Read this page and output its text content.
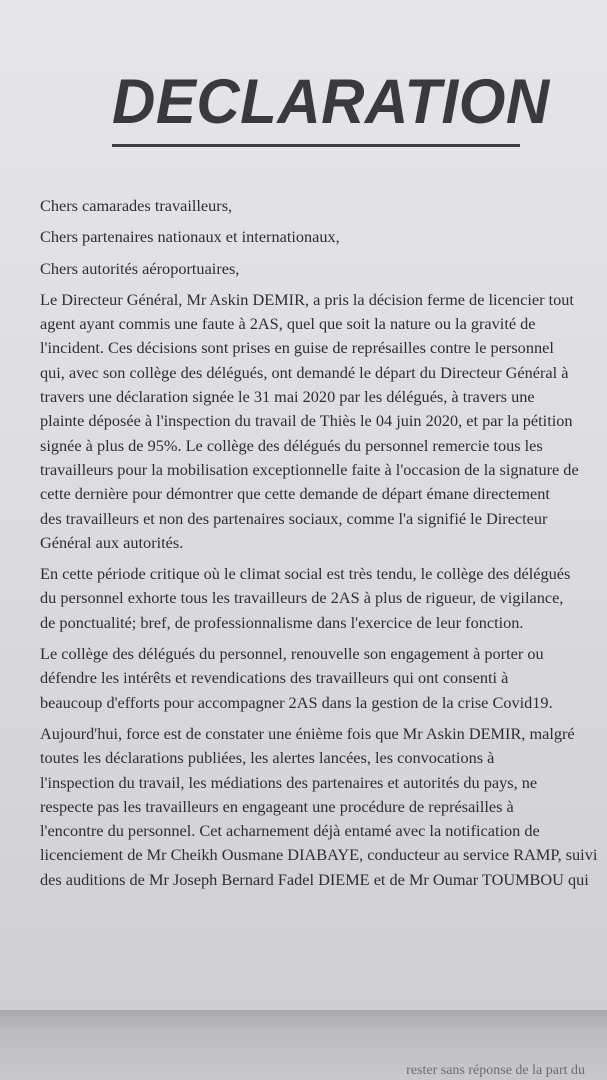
DECLARATION

Chers camarades travailleurs,

Chers partenaires nationaux et internationaux,

Chers autorités aéroportuaires,

Le Directeur Général, Mr Askin DEMIR, a pris la décision ferme de licencier tout
agent ayant commis une faute à 2AS, quel que soit la nature ou la gravité de
l'incident. Ces décisions sont prises en guise de représailles contre le personnel
qui, avec son collège des délégués, ont demandé le départ du Directeur Général à
travers une déclaration signée le 31 mai 2020 par les délégués, à travers une
plainte déposée à l'inspection du travail de Thiès le 04 juin 2020, et par la pétition
signée à plus de 95%. Le collège des délégués du personnel remercie tous les
travailleurs pour la mobilisation exceptionnelle faite à l'occasion de la signature de
cette dernière pour démontrer que cette demande de départ émane directement
des travailleurs et non des partenaires sociaux, comme l'a signifié le Directeur
Général aux autorités.

En cette période critique où le climat social est très tendu, le collège des délégués
du personnel exhorte tous les travailleurs de 2AS à plus de rigueur, de vigilance,
de ponctualité; bref, de professionnalisme dans l'exercice de leur fonction.

Le collège des délégués du personnel, renouvelle son engagement à porter ou
défendre les intérêts et revendications des travailleurs qui ont consenti à
beaucoup d'efforts pour accompagner 2AS dans la gestion de la crise Covid19.

Aujourd'hui, force est de constater une énième fois que Mr Askin DEMIR, malgré
toutes les déclarations publiées, les alertes lancées, les convocations à
l'inspection du travail, les médiations des partenaires et autorités du pays, ne
respecte pas les travailleurs en engageant une procédure de représailles à
l'encontre du personnel. Cet acharnement déjà entamé avec la notification de
licenciement de Mr Cheikh Ousmane DIABAYE, conducteur au service RAMP, suivi
des auditions de Mr Joseph Bernard Fadel DIEME et de Mr Oumar TOUMBOU qui

rester sans réponse de la part du
